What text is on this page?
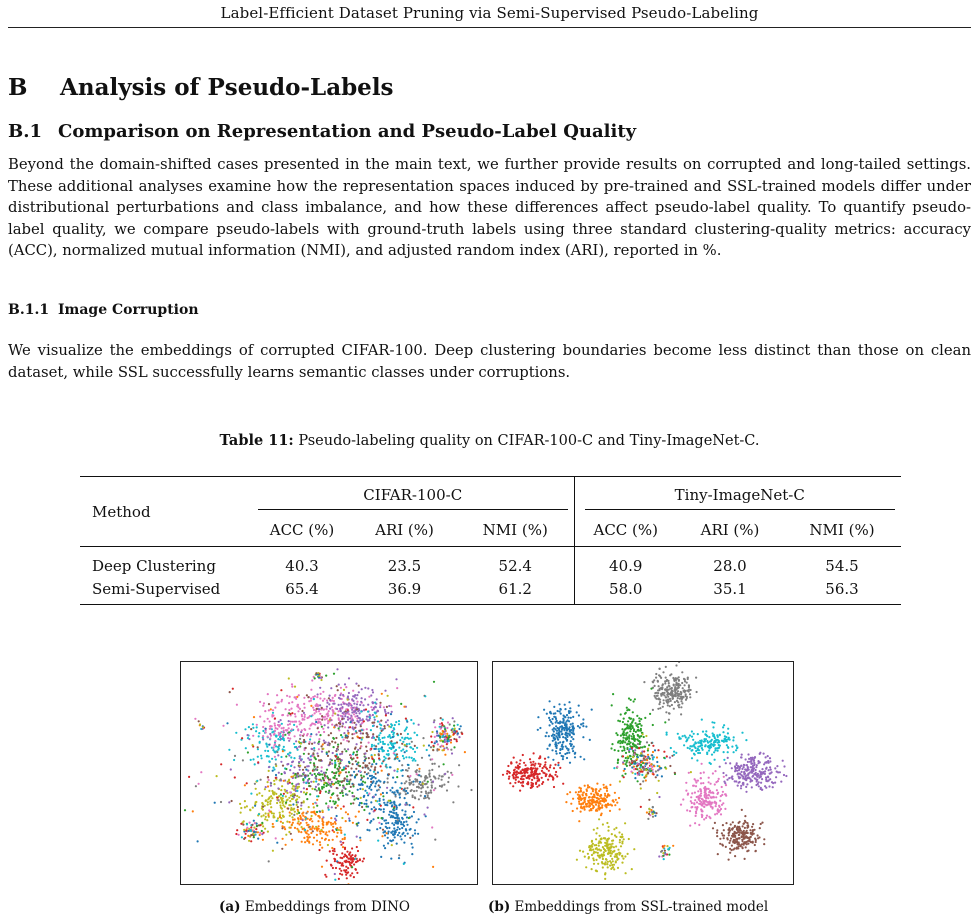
Label-Efficient Dataset Pruning via Semi-Supervised Pseudo-Labeling
B Analysis of Pseudo-Labels
B.1 Comparison on Representation and Pseudo-Label Quality

Beyond the domain-shifted cases presented in the main text, we further provide results on corrupted and long-tailed settings. These additional analyses examine how the representation spaces induced by pre-trained and SSL-trained models differ under distributional perturbations and class imbalance, and how these differences affect pseudo-label quality. To quantify pseudo-label quality, we compare pseudo-labels with ground-truth labels using three standard clustering-quality metrics: accuracy (ACC), normalized mutual information (NMI), and adjusted random index (ARI), reported in %.

B.1.1 Image Corruption

We visualize the embeddings of corrupted CIFAR-100. Deep clustering boundaries become less distinct than those on clean dataset, while SSL successfully learns semantic classes under corruptions.

Table 11: Pseudo-labeling quality on CIFAR-100-C and Tiny-ImageNet-C.
Method	CIFAR-100-C			Tiny-ImageNet-C		

	ACC (%)	ARI (%)	NMI (%)	ACC (%)	ARI (%)	NMI (%)
Deep Clustering	40.3	23.5	52.4	40.9	28.0	54.5
Semi-Supervised	65.4	36.9	61.2	58.0	35.1	56.3
(a) Embeddings from DINO	(b) Embeddings from SSL-trained model
